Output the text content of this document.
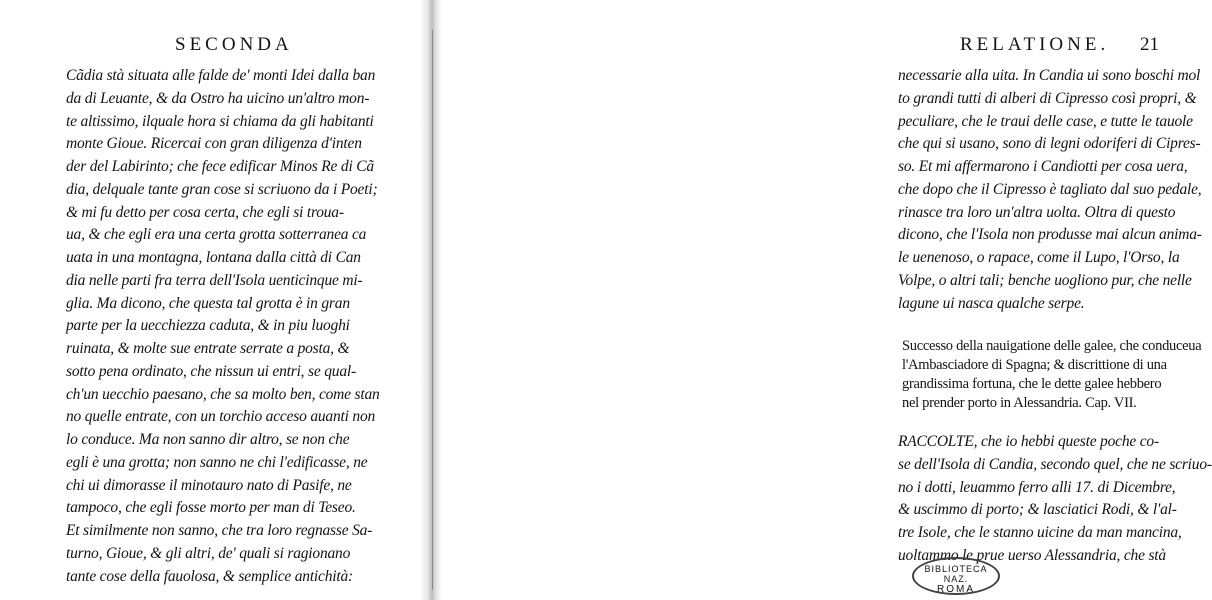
SECONDA

Cãdia stà situata alle falde de' monti Idei dalla ban

da di Leuante, & da Ostro ha uicino un'altro mon-

te altissimo, ilquale hora si chiama da gli habitanti

monte Gioue. Ricercai con gran diligenza d'inten

der del Labirinto; che fece edificar Minos Re di Cã

dia, delquale tante gran cose si scriuono da i Poeti;

& mi fu detto per cosa certa, che egli si troua-

ua, & che egli era una certa grotta sotterranea ca

uata in una montagna, lontana dalla città di Can

dia nelle parti fra terra dell'Isola uenticinque mi-

glia. Ma dicono, che questa tal grotta è in gran

parte per la uecchiezza caduta, & in piu luoghi

ruinata, & molte sue entrate serrate a posta, &

sotto pena ordinato, che nissun ui entri, se qual-

ch'un uecchio paesano, che sa molto ben, come stan

no quelle entrate, con un torchio acceso auanti non

lo conduce. Ma non sanno dir altro, se non che

egli è una grotta; non sanno ne chi l'edificasse, ne

chi ui dimorasse il minotauro nato di Pasife, ne

tampoco, che egli fosse morto per man di Teseo.

Et similmente non sanno, che tra loro regnasse Sa-

turno, Gioue, & gli altri, de' quali si ragionano

tante cose della fauolosa, & semplice antichità:

RELATIONE. 21

necessarie alla uita. In Candia ui sono boschi mol

to grandi tutti di alberi di Cipresso così propri, &

peculiare, che le traui delle case, e tutte le tauole

che qui si usano, sono di legni odoriferi di Cipres-

so. Et mi affermarono i Candiotti per cosa uera,

che dopo che il Cipresso è tagliato dal suo pedale,

rinasce tra loro un'altra uolta. Oltra di questo

dicono, che l'Isola non produsse mai alcun anima-

le uenenoso, o rapace, come il Lupo, l'Orso, la

Volpe, o altri tali; benche uogliono pur, che nelle

lagune ui nasca qualche serpe.

Successo della nauigatione delle galee, che conduceua

l'Ambasciadore di Spagna; & discrittione di una

grandissima fortuna, che le dette galee hebbero

nel prender porto in Alessandria. Cap. VII.

RACCOLTE, che io hebbi queste poche co-

se dell'Isola di Candia, secondo quel, che ne scriuo-

no i dotti, leuammo ferro alli 17. di Dicembre,

& uscimmo di porto; & lasciatici Rodi, & l'al-

tre Isole, che le stanno uicine da man mancina,

uoltammo le prue uerso Alessandria, che stà

BIBLIOTECA NAZ.
ROMA
